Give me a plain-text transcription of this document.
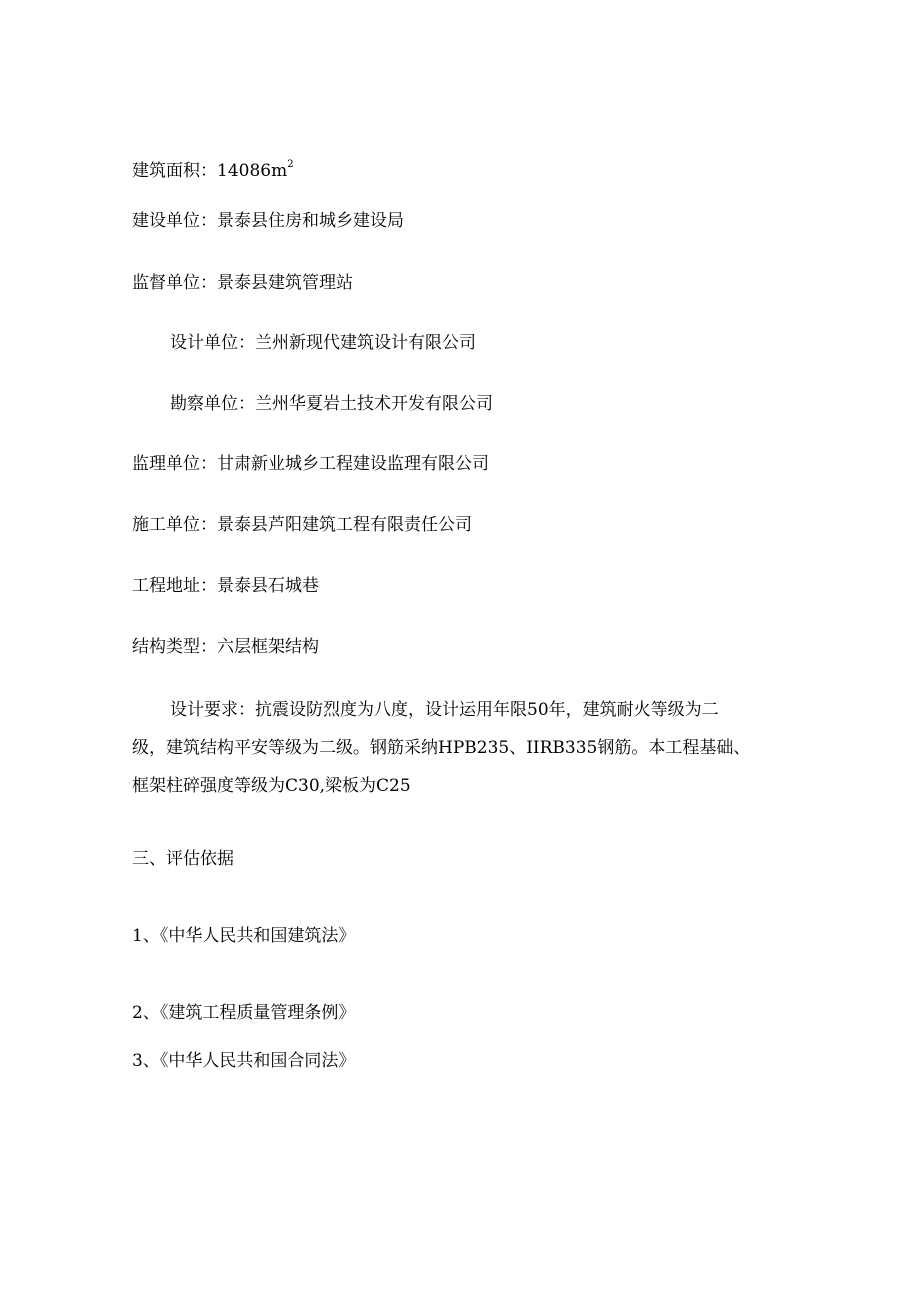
建筑面积：$14086m^2$

建设单位：景泰县住房和城乡建设局

监督单位：景泰县建筑管理站

设计单位：兰州新现代建筑设计有限公司

勘察单位：兰州华夏岩土技术开发有限公司

监理单位：甘肃新业城乡工程建设监理有限公司

施工单位：景泰县芦阳建筑工程有限责任公司

工程地址：景泰县石城巷

结构类型：六层框架结构

设计要求：抗震设防烈度为八度，设计运用年限50年，建筑耐火等级为二
级，建筑结构平安等级为二级。钢筋采纳HPB235、IIRB335钢筋。本工程基础、
框架柱碎强度等级为C30,梁板为C25

三、评估依据

1、《中华人民共和国建筑法》

2、《建筑工程质量管理条例》

3、《中华人民共和国合同法》
